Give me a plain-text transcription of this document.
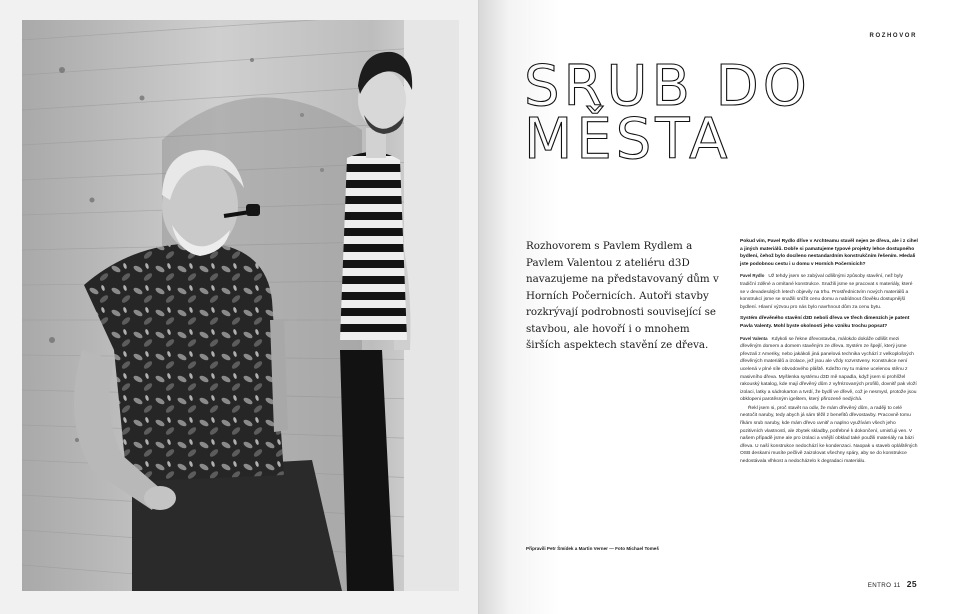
ROZHOVOR
SRUB DO
MĚSTA

Rozhovorem s Pavlem Rydlem a Pavlem Valentou z ateliéru d3D navazujeme na představovaný dům v Horních Počernicích. Autoři stavby rozkrývají podrobnosti související se stavbou, ale hovoří i o mnohem širších aspektech stavění ze dřeva.

Připravili Petr Šmídek a Martin Verner — Foto Michael Tomeš

Pokud vím, Pavel Rydlo dříve v Archteamu stavěl nejen ze dřeva, ale i z cihel a jiných materiálů. Dobře si pamatujeme typové projekty lehce dostupného bydlení, čehož bylo docíleno nestandardním konstrukčním řešením. Hledali jste podobnou cestu i u domu v Horních Počernicích?

Pavel Rydlo Už tehdy jsem se zabýval odlišnými způsoby stavění, než byly tradiční zděné a omítané konstrukce. Snažili jsme se pracovat s materiály, které se v devadesátých letech objevily na trhu. Prostřednictvím nových materiálů a konstrukcí jsme se snažili snížit cenu domu a nabídnout člověku dostupnější bydlení. Hlavní výzvou pro nás bylo navrhnout dům za cenu bytu.

Systém dřevěného stavění d3D neboli dřeva ve třech dimenzích je patent Pavla Valenty. Mohl byste okolnosti jeho vzniku trochu popsat?

Pavel Valenta Kdykoli se řekne dřevostavba, málokdo dokáže odlišit mezi dřevěným domem a domem stavěným ze dřeva. Systém ze špejlí, který jsme převzali z Ameriky, nebo jakákoli jiná panelová technika vychází z velkoplošných dřevěných materiálů a izolace, jež jsou ale vždy rozvrstveny. Konstrukce není ucelená v plné síle obvodového pláště. Kdežto my tu máme ucelenou stěnu z masivního dřeva. Myšlenka systému d3D mě napadla, když jsem si prohlížel rakouský katalog, kde mají dřevěný dům z vyfrézovaných profilů, dovnitř pak vloží izolaci, latky a sádrokarton a tvrdí, že bydlí ve dřevě, což je nesmysl, protože jsou obklopeni parotěsným igelitem, který přirozeně nedýchá.

Řekl jsem si, proč stavět na odiv, že mám dřevěný dům, a raději to celé neotočit naruby, tedy abych já sám těžil z benefitů dřevostavby. Pracovně tomu říkám srub naruby, kde mám dřevo uvnitř a naplno využívám všech jeho pozitivních vlastností, ale zbytek skladby, potřebné k dokončení, umisťuji ven. V našem případě jsme ale pro izolaci a vnější obklad také použili materiály na bázi dřeva. U naší konstrukce nedochází ke kondenzaci. Naopak u staveb opláštěných OSB deskami musíte pečlivě zaizolovat všechny spáry, aby se do konstrukce nedostávala vlhkost a nedocházelo k degradaci materiálu.

ENTRO 11 25
